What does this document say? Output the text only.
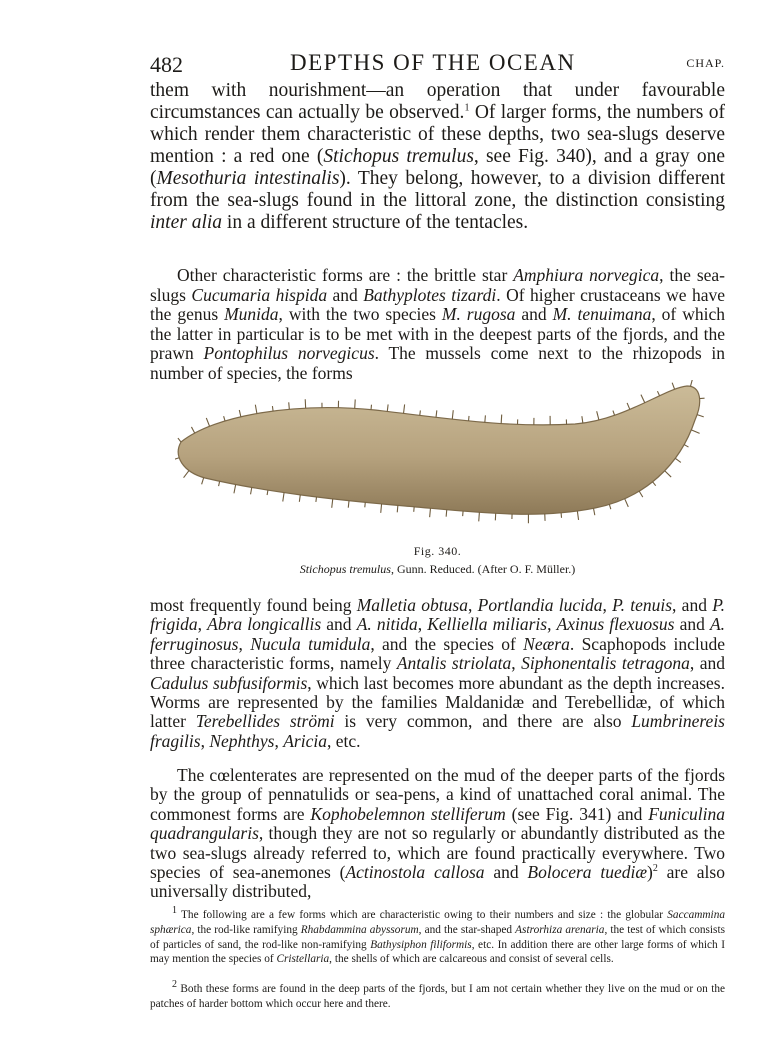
482	DEPTHS OF THE OCEAN	CHAP.

them with nourishment—an operation that under favourable circumstances can actually be observed.$^1$ Of larger forms, the numbers of which render them characteristic of these depths, two sea-slugs deserve mention : a red one (Stichopus tremulus, see Fig. 340), and a gray one (Mesothuria intestinalis). They belong, however, to a division different from the sea-slugs found in the littoral zone, the distinction consisting inter alia in a different structure of the tentacles.

Other characteristic forms are : the brittle star Amphiura norvegica, the sea-slugs Cucumaria hispida and Bathyplotes tizardi. Of higher crustaceans we have the genus Munida, with the two species M. rugosa and M. tenuimana, of which the latter in particular is to be met with in the deepest parts of the fjords, and the prawn Pontophilus norvegicus. The mussels come next to the rhizopods in number of species, the forms

Fig. 340.

Stichopus tremulus, Gunn. Reduced. (After O. F. Müller.)

most frequently found being Malletia obtusa, Portlandia lucida, P. tenuis, and P. frigida, Abra longicallis and A. nitida, Kelliella miliaris, Axinus flexuosus and A. ferruginosus, Nucula tumidula, and the species of Neæra. Scaphopods include three characteristic forms, namely Antalis striolata, Siphonentalis tetragona, and Cadulus subfusiformis, which last becomes more abundant as the depth increases. Worms are represented by the families Maldanidæ and Terebellidæ, of which latter Terebellides strömi is very common, and there are also Lumbrinereis fragilis, Nephthys, Aricia, etc.

The cœlenterates are represented on the mud of the deeper parts of the fjords by the group of pennatulids or sea-pens, a kind of unattached coral animal. The commonest forms are Kophobelemnon stelliferum (see Fig. 341) and Funiculina quadrangularis, though they are not so regularly or abundantly distributed as the two sea-slugs already referred to, which are found practically everywhere. Two species of sea-anemones (Actinostola callosa and Bolocera tuediæ)$^2$ are also universally distributed,

$^1$ The following are a few forms which are characteristic owing to their numbers and size : the globular Saccammina sphærica, the rod-like ramifying Rhabdammina abyssorum, and the star-shaped Astrorhiza arenaria, the test of which consists of particles of sand, the rod-like non-ramifying Bathysiphon filiformis, etc. In addition there are other large forms of which I may mention the species of Cristellaria, the shells of which are calcareous and consist of several cells.

$^2$ Both these forms are found in the deep parts of the fjords, but I am not certain whether they live on the mud or on the patches of harder bottom which occur here and there.
